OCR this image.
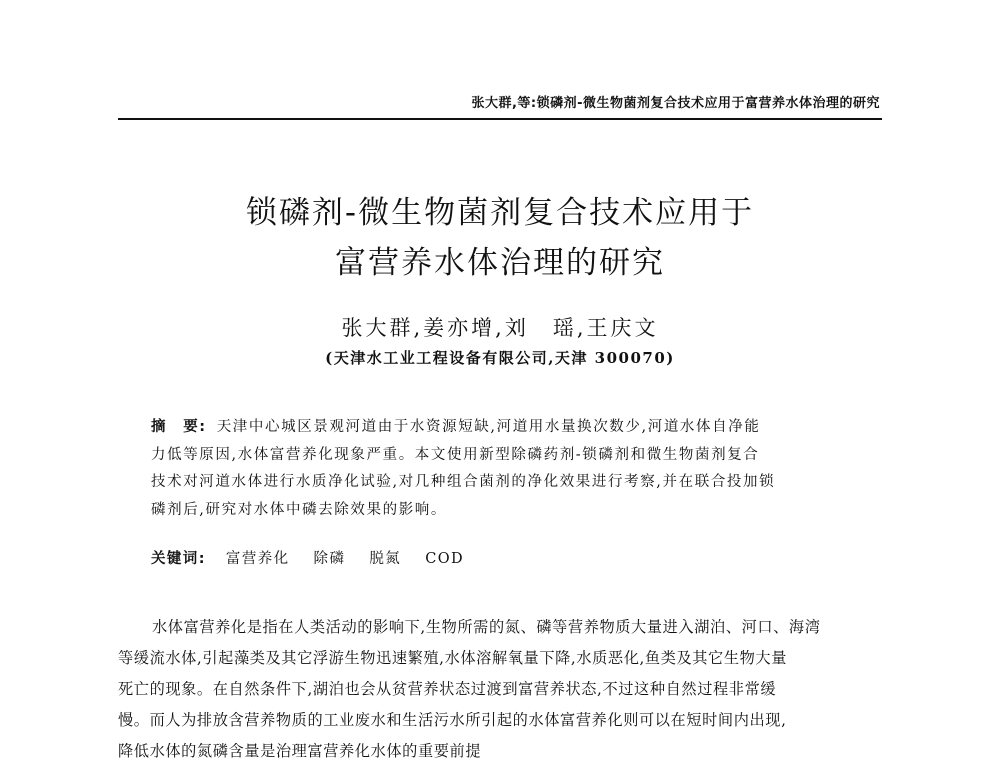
张大群,等:锁磷剂-微生物菌剂复合技术应用于富营养水体治理的研究
锁磷剂-微生物菌剂复合技术应用于
富营养水体治理的研究
张大群,姜亦增,刘　瑶,王庆文
(天津水工业工程设备有限公司,天津 300070)
摘　要: 天津中心城区景观河道由于水资源短缺,河道用水量换次数少,河道水体自净能
力低等原因,水体富营养化现象严重。本文使用新型除磷药剂-锁磷剂和微生物菌剂复合
技术对河道水体进行水质净化试验,对几种组合菌剂的净化效果进行考察,并在联合投加锁
磷剂后,研究对水体中磷去除效果的影响。
关键词: 富营养化 除磷 脱氮 COD
水体富营养化是指在人类活动的影响下,生物所需的氮、磷等营养物质大量进入湖泊、河口、海湾
等缓流水体,引起藻类及其它浮游生物迅速繁殖,水体溶解氧量下降,水质恶化,鱼类及其它生物大量
死亡的现象。在自然条件下,湖泊也会从贫营养状态过渡到富营养状态,不过这种自然过程非常缓
慢。而人为排放含营养物质的工业废水和生活污水所引起的水体富营养化则可以在短时间内出现,
降低水体的氮磷含量是治理富营养化水体的重要前提
